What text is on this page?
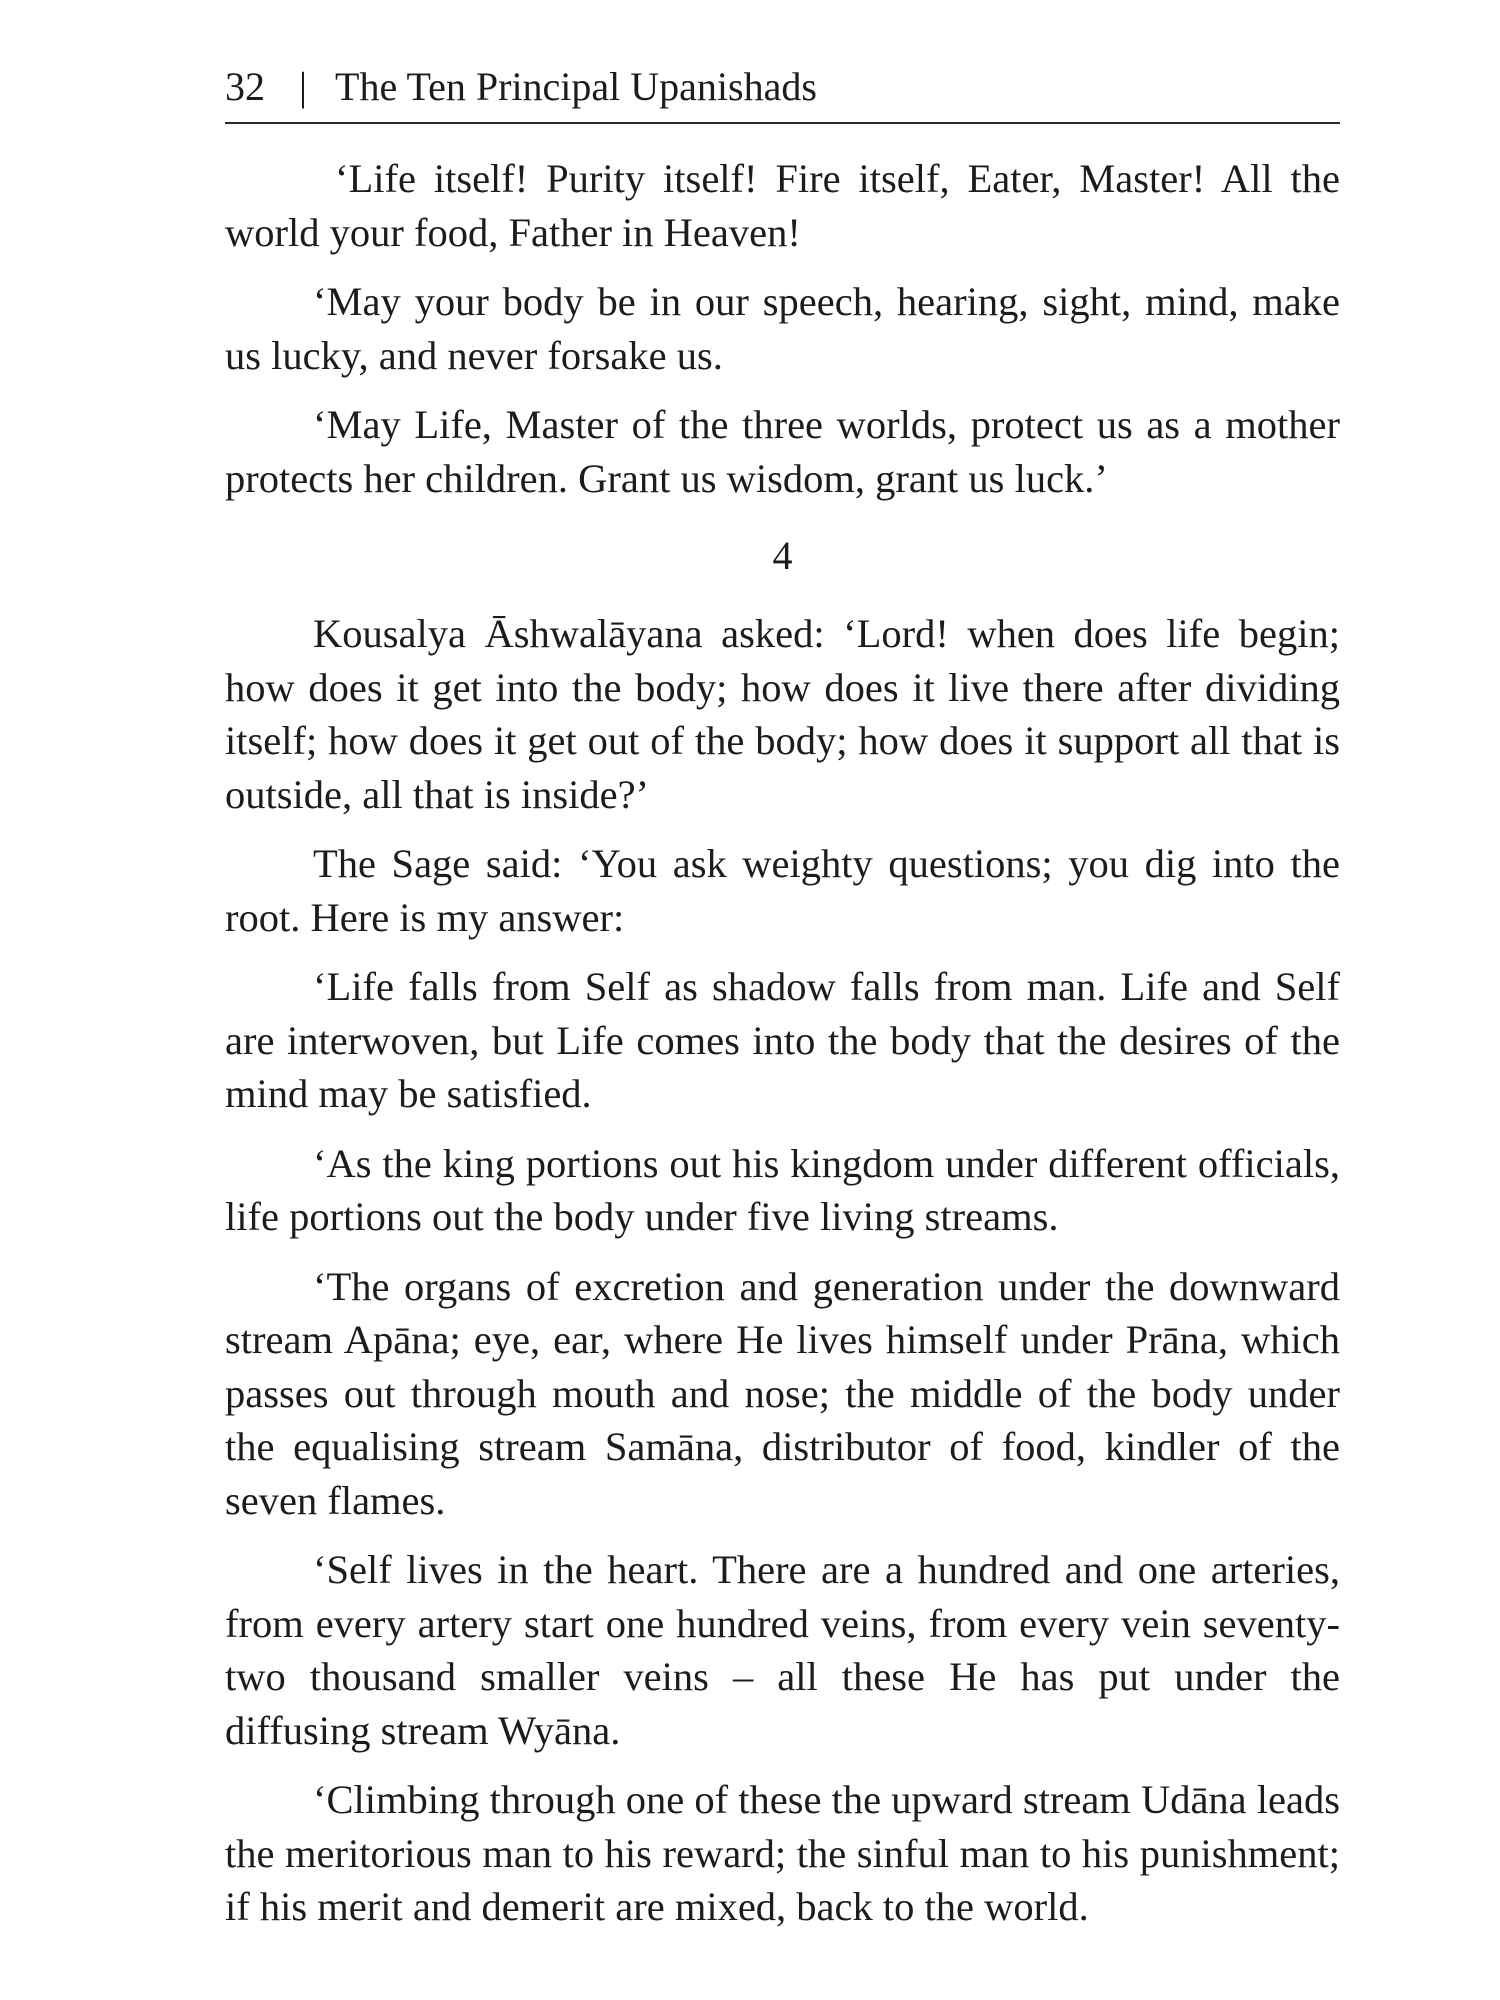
32 | The Ten Principal Upanishads

‘Life itself! Purity itself! Fire itself, Eater, Master! All the world your food, Father in Heaven!

‘May your body be in our speech, hearing, sight, mind, make us lucky, and never forsake us.

‘May Life, Master of the three worlds, protect us as a mother protects her children. Grant us wisdom, grant us luck.’

4

Kousalya Āshwalāyana asked: ‘Lord! when does life begin; how does it get into the body; how does it live there after dividing itself; how does it get out of the body; how does it support all that is outside, all that is inside?’

The Sage said: ‘You ask weighty questions; you dig into the root. Here is my answer:

‘Life falls from Self as shadow falls from man. Life and Self are interwoven, but Life comes into the body that the desires of the mind may be satisfied.

‘As the king portions out his kingdom under different officials, life portions out the body under five living streams.

‘The organs of excretion and generation under the downward stream Apāna; eye, ear, where He lives himself under Prāna, which passes out through mouth and nose; the middle of the body under the equalising stream Samāna, distributor of food, kindler of the seven flames.

‘Self lives in the heart. There are a hundred and one arteries, from every artery start one hundred veins, from every vein seventy-two thousand smaller veins – all these He has put under the diffusing stream Wyāna.

‘Climbing through one of these the upward stream Udāna leads the meritorious man to his reward; the sinful man to his punishment; if his merit and demerit are mixed, back to the world.
